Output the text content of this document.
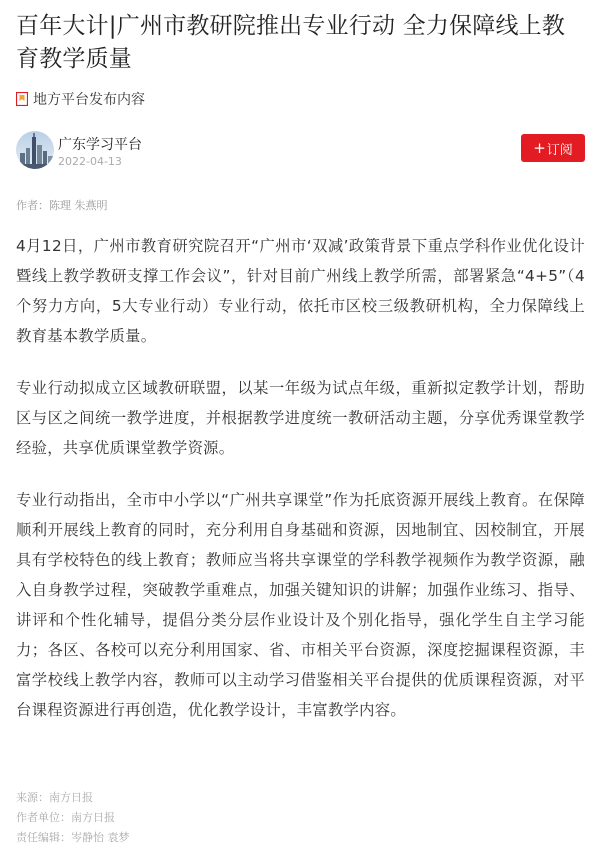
百年大计|广州市教研院推出专业行动 全力保障线上教育教学质量
地方平台发布内容
广东学习平台
2022-04-13
+ 订阅
作者：陈理 朱燕明

4月12日，广州市教育研究院召开“广州市‘双减’政策背景下重点学科作业优化设计暨线上教学教研支撑工作会议”，针对目前广州线上教学所需，部署紧急“4+5”（4个努力方向，5大专业行动）专业行动，依托市区校三级教研机构，全力保障线上教育基本教学质量。

专业行动拟成立区域教研联盟，以某一年级为试点年级，重新拟定教学计划，帮助区与区之间统一教学进度，并根据教学进度统一教研活动主题，分享优秀课堂教学经验，共享优质课堂教学资源。

专业行动指出，全市中小学以“广州共享课堂”作为托底资源开展线上教育。在保障顺利开展线上教育的同时，充分利用自身基础和资源，因地制宜、因校制宜，开展具有学校特色的线上教育；教师应当将共享课堂的学科教学视频作为教学资源，融入自身教学过程，突破教学重难点，加强关键知识的讲解；加强作业练习、指导、讲评和个性化辅导，提倡分类分层作业设计及个别化指导，强化学生自主学习能力；各区、各校可以充分利用国家、省、市相关平台资源，深度挖掘课程资源，丰富学校线上教学内容，教师可以主动学习借鉴相关平台提供的优质课程资源，对平台课程资源进行再创造，优化教学设计，丰富教学内容。

来源：南方日报
作者单位：南方日报
责任编辑：岑静怡 袁梦
